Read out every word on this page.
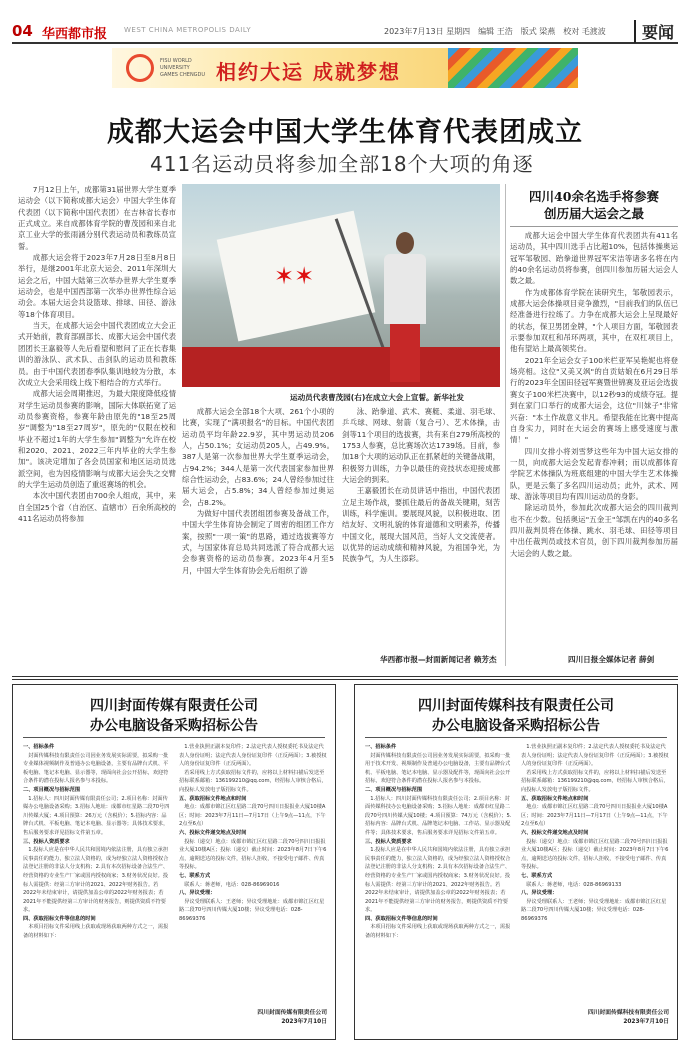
04 华西都市报 WEST CHINA METROPOLIS DAILY	2023年7月13日 星期四　编辑 王浩　版式 梁燕　校对 毛渡波	要闻
FISU WORLD UNIVERSITY GAMES CHENGDU 相约大运 成就梦想
成都大运会中国大学生体育代表团成立
411名运动员将参加全部18个大项的角逐

7月12日上午，成都第31届世界大学生夏季运动会（以下简称成都大运会）中国大学生体育代表团（以下简称中国代表团）在吉林省长春市正式成立。来自成都体育学院的曹茂园和来自北京工业大学的张雨涵分别代表运动员和教练员宣誓。

成都大运会将于2023年7月28日至8月8日举行，是继2001年北京大运会、2011年深圳大运会之后，中国大陆第三次举办世界大学生夏季运动会，也是中国西部第一次举办世界性综合运动会。本届大运会共设篮球、排球、田径、游泳等18个体育项目。

当天，在成都大运会中国代表团成立大会正式开始前，教育部副部长、成都大运会中国代表团团长王嘉毅等人先后看望和慰问了正在长春集训的游泳队、武术队、击剑队的运动员和教练员。由于中国代表团春季队集训地较为分散，本次成立大会采用线上线下相结合的方式举行。

成都大运会周期推迟，为最大限度降低疫情对学生运动员参赛的影响，国际大体联拓宽了运动员参赛资格，参赛年龄由原先的"18至25周岁"调整为"18至27周岁"，原先的"仅限在校和毕业不超过1年的大学生参加"调整为"允许在校和2020、2021、2022三年内毕业的大学生参加"。该决定增加了各会员国家和地区运动员选派空间，也为因疫情影响与成都大运会失之交臂的大学生运动员创造了重返赛场的机会。

本次中国代表团由700余人组成，其中，来自全国25个省（自治区、直辖市）百余所高校的411名运动员将参加

✶✶
运动员代表曹茂园(右)在成立大会上宣誓。新华社发

成都大运会全部18个大项、261个小项的比赛，实现了"满项报名"的目标。中国代表团运动员平均年龄22.9岁，其中男运动员206人，占50.1%；女运动员205人，占49.9%。387人是第一次参加世界大学生夏季运动会，占94.2%；344人是第一次代表国家参加世界综合性运动会，占83.6%；24人曾经参加过往届大运会，占5.8%；34人曾经参加过奥运会，占8.2%。

为做好中国代表团组团参赛及备战工作，中国大学生体育协会制定了周密的组团工作方案，按照"一项一策"的思路，通过选拔赛等方式，与国家体育总局共同选派了符合成都大运会参赛资格的运动员参赛。2023年4月至5月，中国大学生体育协会先后组织了游

泳、跆拳道、武术、赛艇、柔道、羽毛球、乒乓球、网球、射箭（复合弓）、艺术体操，击剑等11个项目的选拔赛，共有来自279所高校的1753人参赛，总比赛场次达1739场。目前，参加18个大项的运动队正在抓紧赶的关键备战期，积极努力训练，力争以最佳的竞技状态迎接成都大运会的到来。

王嘉毅团长在动员讲话中指出，中国代表团立足主场作战，要抓住最后的备战关键期，刻苦训练，科学施训。要展现风貌，以积极进取、团结友好、文明礼貌的体育道德和文明素养，传播中国文化，展现大国风范，当好人文交流使者。以优异的运动成绩和精神风貌，为祖国争光，为民族争气，为人生添彩。

华西都市报—封面新闻记者 赖芳杰
四川40余名选手将参赛
创历届大运会之最

成都大运会中国大学生体育代表团共有411名运动员，其中四川选手占比超10%，包括体操奥运冠军邹敬园、跆拳道世界冠军宋洁等诸多名将在内的40余名运动员将参赛，创四川参加历届大运会人数之最。

作为成都体育学院在读研究生，邹敬园表示，成都大运会体操项目竞争激烈，"目前我们的队伍已经准备进行拉练了。力争在成都大运会上呈现最好的状态，保卫男团金牌，"个人项目方面，邹敬园表示要参加双杠和吊环两项，其中，在双杠项目上，他有望站上最高领奖台。

2021年全运会女子100米栏亚军吴艳妮也将登场亮相。这位"又美又飒"的自贡姑娘在6月29日举行的2023年全国田径冠军赛暨世锦赛及亚运会选拔赛女子100米栏决赛中，以12秒93的成绩夺冠。提到在家门口举行的成都大运会，这位"川妹子"非常兴奋："本土作战意义非凡。希望我能在比赛中提高自身实力，同时在大运会的赛场上感受速度与激情！"

四川女排小将刘雪梦这些年为中国大运女排的一员，向成都大运会发起青春冲刺；而以成都体育学院艺术体操队为班底组建的中国大学生艺术体操队，更是云集了多名四川运动员；此外，武术、网球、游泳等项目均有四川运动员的身影。

除运动员外，参加此次成都大运会的四川裁判也不在少数。包括奥运"五金王"邹凯在内的40多名四川裁判员将在体操、跳水、羽毛球、田径等项目中出任裁判员或技术官员，创下四川裁判参加历届大运会的人数之最。

四川日报全媒体记者 薛剑
四川封面传媒有限责任公司
办公电脑设备采购招标公告
一、招标条件

封面传媒科技有限责任公司因业务发展实际需要，拟采购一批专业媒体视频制作及普通办公电脑设备，主要有品牌台式机、平板电脑、笔记本电脑、显示器等，现面向社会公开招标，欢迎符合条件的潜在投标人报名参与本投标。

二、项目概况与招标范围

1.招标人：四川封面传媒有限责任公司；2.项目名称：封面传媒办公电脑设备采购；3.招标人地址：成都市红星路二段70号四川传媒大厦；4.项目预算：26万元（含税价）；5.招标内容：品牌台式机、平板电脑、笔记本电脑、显示器等；具体技术要求，售后服务要求详见招标文件第五章。

三、投标人资质要求

1.投标人应是在中华人民共和国境内依法注册，具有独立承担民事责任的能力，独立法人资格的，成为经独立法人资格授权合法登记注册的非法人分支机构；2.具有本次招标设备合法生产、经营资格的专业生产厂家或国内授权商家；3.财务状况良好。投标人需提供：经第三方审计的2021、2022年财务报告。若2022年未结束审计，请提供加盖公章的2022年财务报表；若2021年不能提供经第三方审计的财务报告，则提供资质不符要求。

四、获取招标文件等信息的时间

本项目招标文件采用线上获取或现场获取两种方式之一，需报备的材料如下：

1.营业执照正副本复印件；2.法定代表人授权委托书及法定代表人身份证明；法定代表人身份证复印件（正反两面）；3.被授权人的身份证复印件（正反两面）。

若采用线上方式获取招标文件的，应将以上材料扫描后发送至招标联系邮箱：136199210@qq.com，经招标人审核合格后，向投标人发放电子版招标文件。

五、获取招标文件地点和时间

地点：成都市锦江区红星路二段70号四川日报报业大厦10楼A区；时间：2023年7月11日—7月17日（上午9点—11点，下午2点至6点）

六、投标文件递交地点及时间

投标（递交）地点：成都市锦江区红星路二段70号四川日报报业大厦10楼A区；投标（递交）截止时间：2023年8月7日下午6点，逾期送达的投标文件，招标人拒收，不接受电子邮件、传真等投标。

七、联系方式

联系人：蒋老师，电话：028-86969016

八、异议受理：

异议受理联系人：王老师；异议受理地址：成都市锦江区红星路二段70号四川传媒大厦10楼；异议受理电话：028-86969376

四川封面传媒有限责任公司
2023年7月10日
四川封面传媒科技有限责任公司
办公电脑设备采购招标公告
一、招标条件

封面传媒科技有限责任公司因业务发展实际需要，拟采购一批用于技术开发、视频制作及普通办公电脑设备，主要有品牌台式机、平板电脑、笔记本电脑、显示器及配件等，现面向社会公开招标，欢迎符合条件的潜在投标人报名参与本投标。

二、项目概况与招标范围

1.招标人：四川封面传媒科技有限责任公司；2.项目名称：封面传媒科技办公电脑设备采购；3.招标人地址：成都市红星路二段70号四川传媒大厦10楼；4.项目预算：74万元（含税价）；5.招标内容：品牌台式机、品牌笔记本电脑、工作站、显示器及配件等；具体技术要求，售后服务要求详见招标文件第五章。

三、投标人资质要求

1.投标人应是在中华人民共和国境内依法注册，具有独立承担民事责任的能力，独立法人资格的，成为经独立法人资格授权合法登记注册的非法人分支机构；2.具有本次招标设备合法生产、经营资格的专业生产厂家或国内授权商家；3.财务状况良好。投标人需提供：经第三方审计的2021、2022年财务报告。若2022年未结束审计，请提供加盖公章的2022年财务报表；若2021年不能提供经第三方审计的财务报告，则提供资质不符要求。

四、获取招标文件等信息的时间

本项目招标文件采用线上获取或现场获取两种方式之一，需报备的材料如下：

1.营业执照正副本复印件；2.法定代表人授权委托书及法定代表人身份证明；法定代表人身份证复印件（正反两面）；3.被授权人的身份证复印件（正反两面）。

若采用线上方式获取招标文件的，应将以上材料扫描后发送至招标联系邮箱：136199210@qq.com，经招标人审核合格后，向投标人发放电子版招标文件。

五、获取招标文件地点和时间

地点：成都市锦江区红星路二段70号四川日报报业大厦10楼A区；时间：2023年7月11日—7月17日（上午9点—11点，下午2点至6点）

六、投标文件递交地点及时间

投标（递交）地点：成都市锦江区红星路二段70号四川日报报业大厦10楼A区；投标（递交）截止时间：2023年8月7日下午6点，逾期送达的投标文件，招标人拒收，不接受电子邮件、传真等投标。

七、联系方式

联系人：蒋老师，电话：028-86969133

八、异议受理：

异议受理联系人：王老师；异议受理地址：成都市锦江区红星路二段70号四川传媒大厦10楼；异议受理电话：028-86969376

四川封面传媒科技有限责任公司
2023年7月10日
